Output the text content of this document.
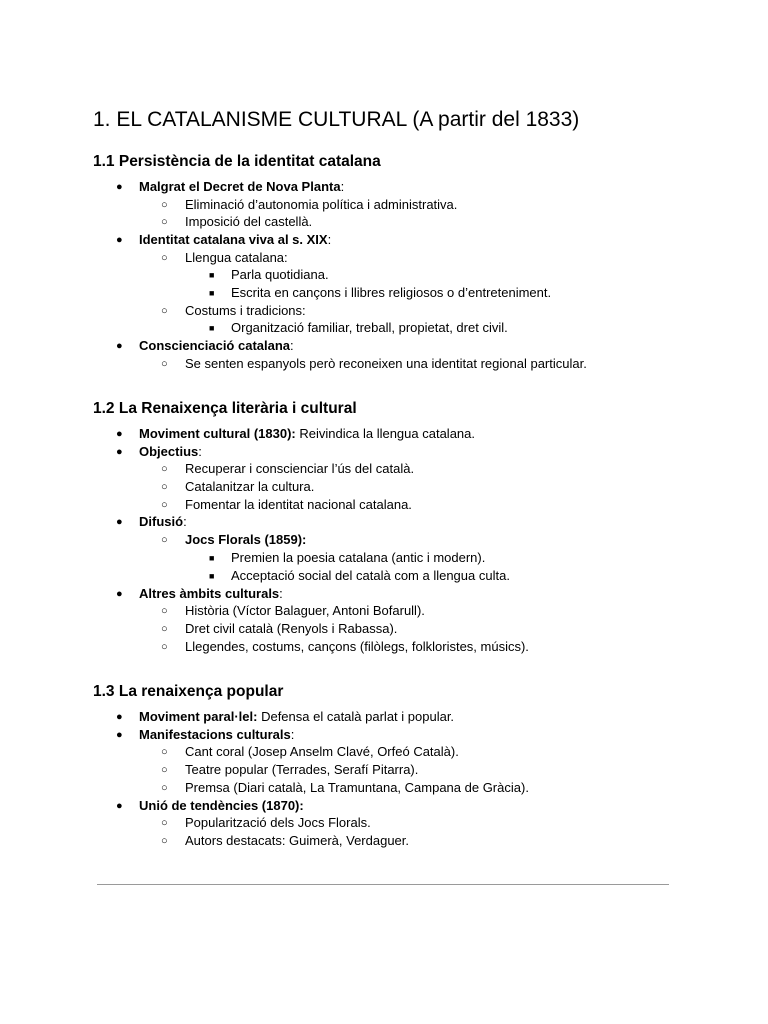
1. EL CATALANISME CULTURAL (A partir del 1833)
1.1 Persistència de la identitat catalana
● Malgrat el Decret de Nova Planta:
○ Eliminació d’autonomia política i administrativa.
○ Imposició del castellà.
● Identitat catalana viva al s. XIX:
○ Llengua catalana:
■ Parla quotidiana.
■ Escrita en cançons i llibres religiosos o d’entreteniment.
○ Costums i tradicions:
■ Organització familiar, treball, propietat, dret civil.
● Conscienciació catalana:
○ Se senten espanyols però reconeixen una identitat regional particular.
1.2 La Renaixença literària i cultural
● Moviment cultural (1830): Reivindica la llengua catalana.
● Objectius:
○ Recuperar i conscienciar l’ús del català.
○ Catalanitzar la cultura.
○ Fomentar la identitat nacional catalana.
● Difusió:
○ Jocs Florals (1859):
■ Premien la poesia catalana (antic i modern).
■ Acceptació social del català com a llengua culta.
● Altres àmbits culturals:
○ Història (Víctor Balaguer, Antoni Bofarull).
○ Dret civil català (Renyols i Rabassa).
○ Llegendes, costums, cançons (filòlegs, folkloristes, músics).
1.3 La renaixença popular
● Moviment paral·lel: Defensa el català parlat i popular.
● Manifestacions culturals:
○ Cant coral (Josep Anselm Clavé, Orfeó Català).
○ Teatre popular (Terrades, Serafí Pitarra).
○ Premsa (Diari català, La Tramuntana, Campana de Gràcia).
● Unió de tendències (1870):
○ Popularització dels Jocs Florals.
○ Autors destacats: Guimerà, Verdaguer.
